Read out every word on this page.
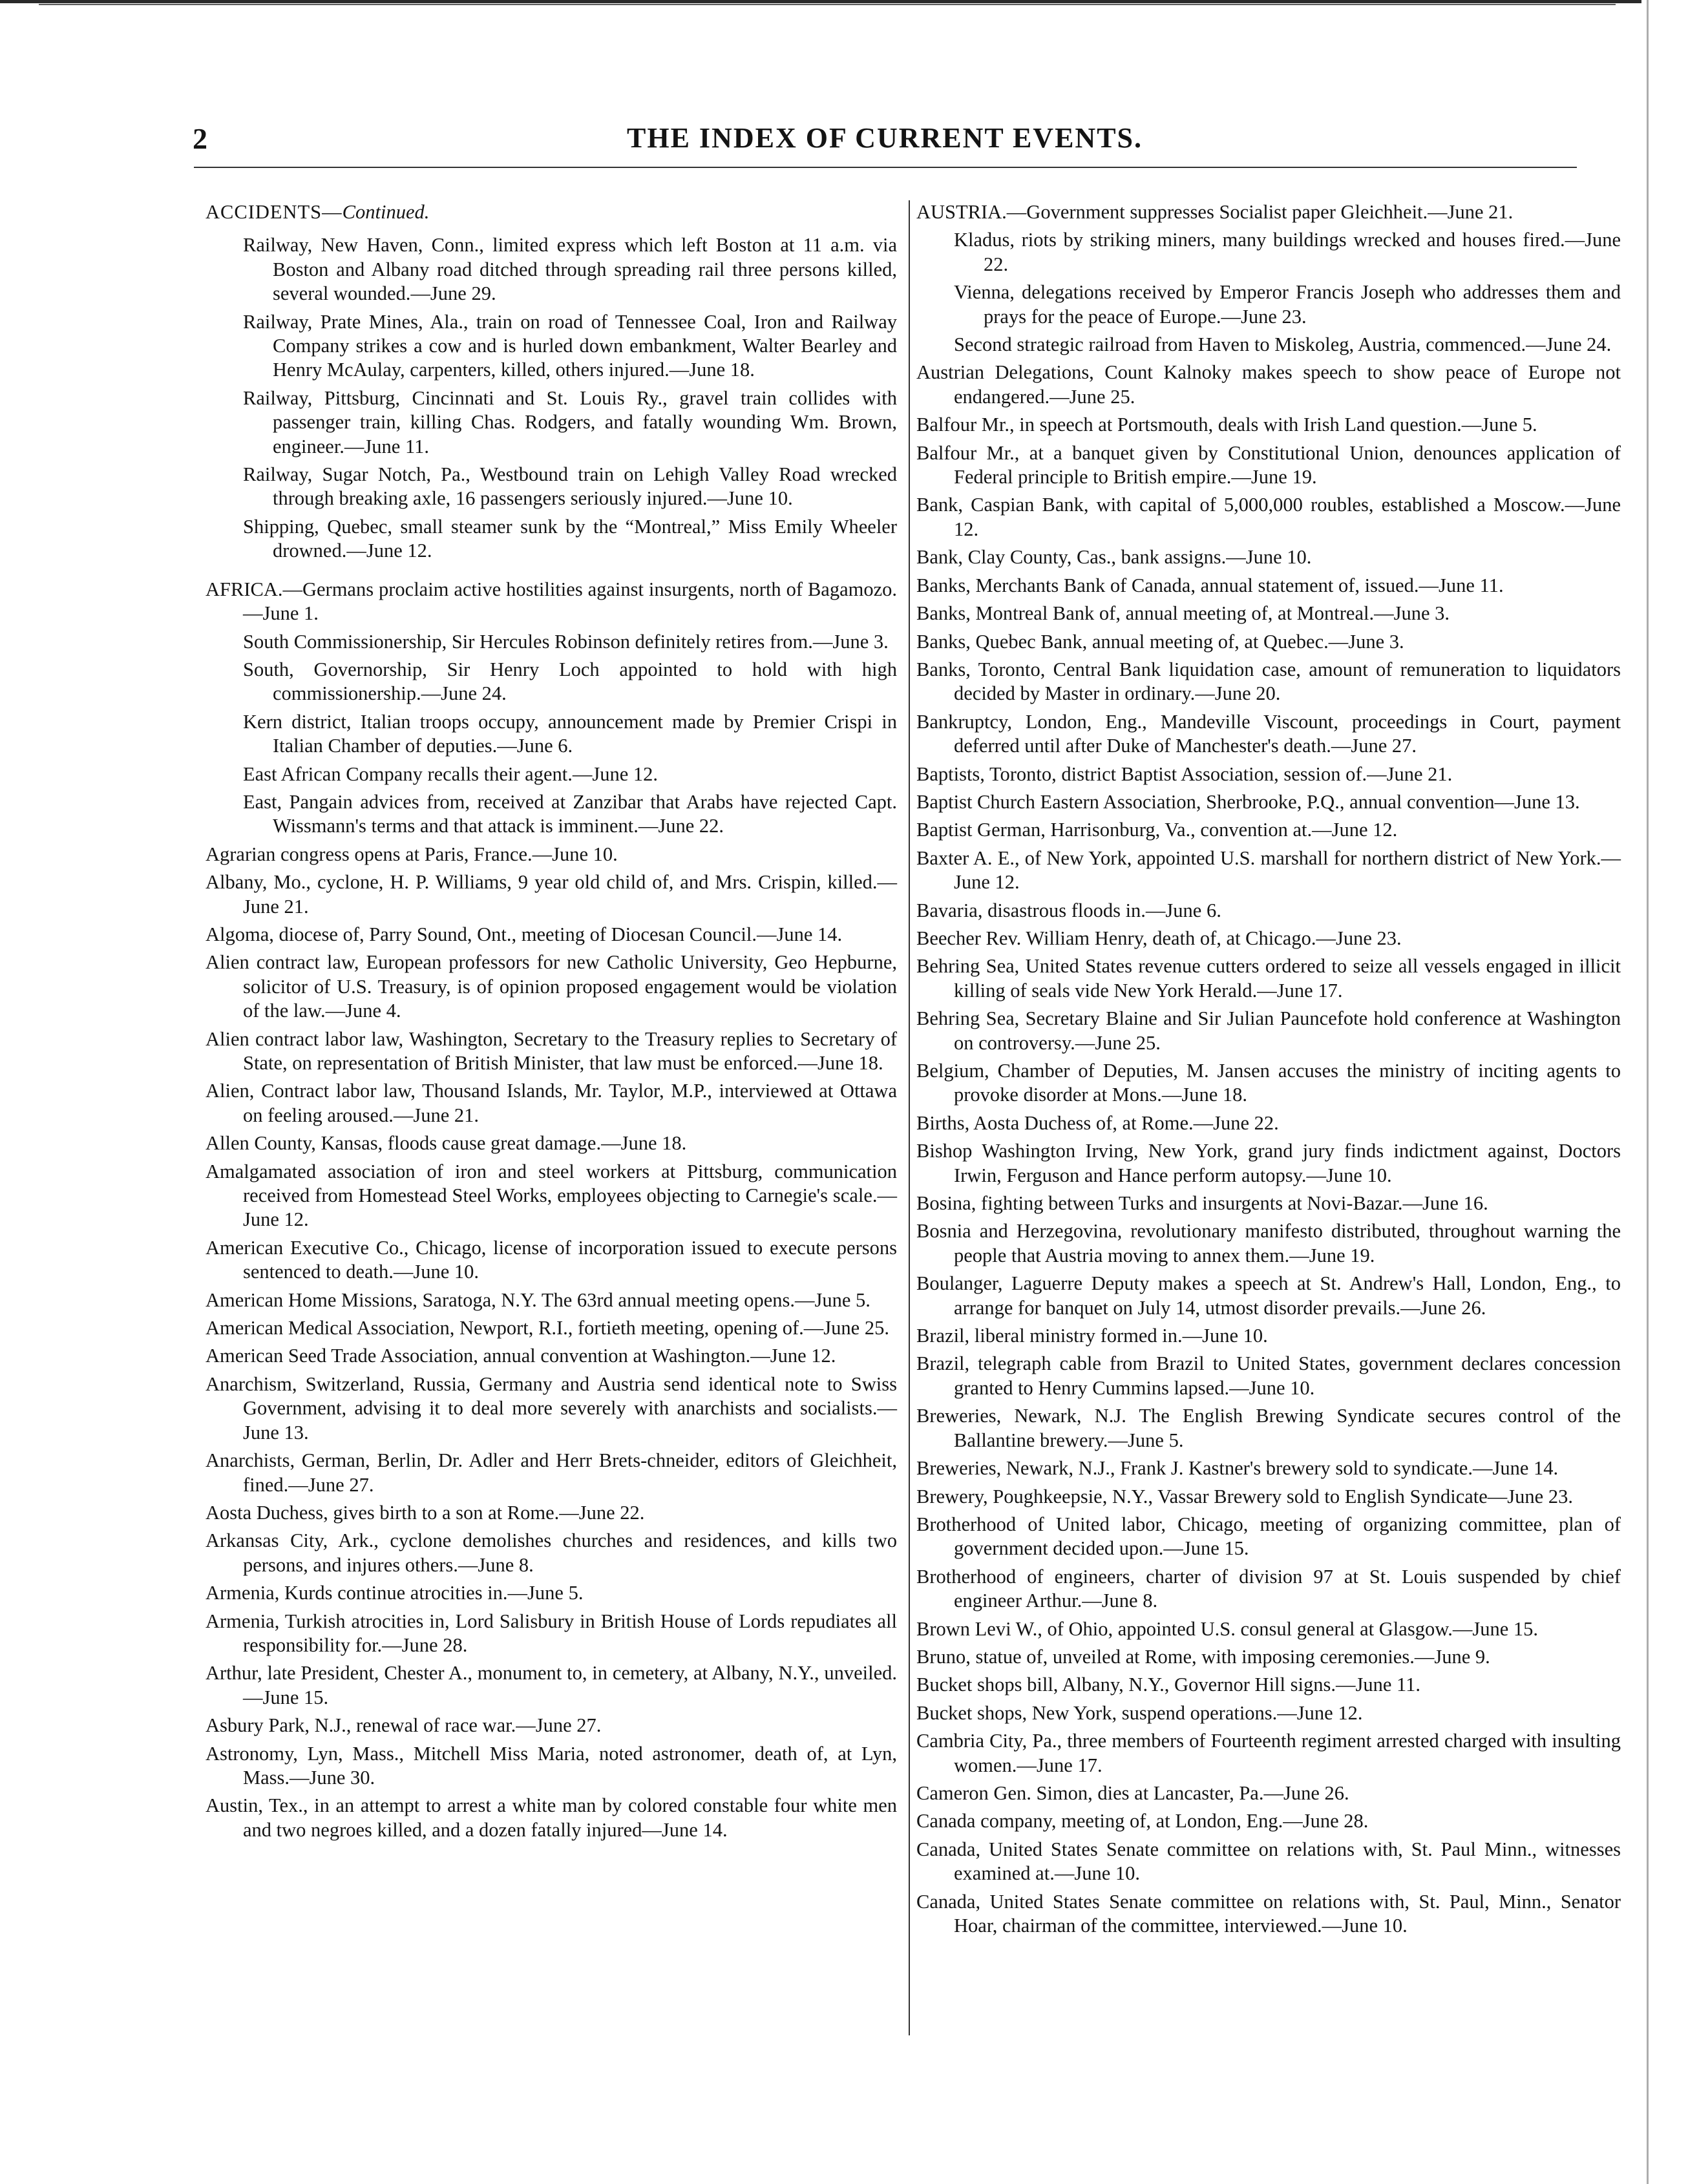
2	THE INDEX OF CURRENT EVENTS.
ACCIDENTS—Continued.

Railway, New Haven, Conn., limited express which left Boston at 11 a.m. via Boston and Albany road ditched through spreading rail three persons killed, several wounded.—June 29.

Railway, Prate Mines, Ala., train on road of Tennessee Coal, Iron and Railway Company strikes a cow and is hurled down embankment, Walter Bearley and Henry McAulay, carpenters, killed, others injured.—June 18.

Railway, Pittsburg, Cincinnati and St. Louis Ry., gravel train collides with passenger train, killing Chas. Rodgers, and fatally wounding Wm. Brown, engineer.—June 11.

Railway, Sugar Notch, Pa., Westbound train on Lehigh Valley Road wrecked through breaking axle, 16 passengers seriously injured.—June 10.

Shipping, Quebec, small steamer sunk by the “Montreal,” Miss Emily Wheeler drowned.—June 12.

AFRICA.—Germans proclaim active hostilities against insurgents, north of Bagamozo.—June 1.

South Commissionership, Sir Hercules Robinson definitely retires from.—June 3.

South, Governorship, Sir Henry Loch appointed to hold with high commissionership.—June 24.

Kern district, Italian troops occupy, announcement made by Premier Crispi in Italian Chamber of deputies.—June 6.

East African Company recalls their agent.—June 12.

East, Pangain advices from, received at Zanzibar that Arabs have rejected Capt. Wissmann's terms and that attack is imminent.—June 22.

Agrarian congress opens at Paris, France.—June 10.

Albany, Mo., cyclone, H. P. Williams, 9 year old child of, and Mrs. Crispin, killed.—June 21.

Algoma, diocese of, Parry Sound, Ont., meeting of Diocesan Council.—June 14.

Alien contract law, European professors for new Catholic University, Geo Hepburne, solicitor of U.S. Treasury, is of opinion proposed engagement would be violation of the law.—June 4.

Alien contract labor law, Washington, Secretary to the Treasury replies to Secretary of State, on representation of British Minister, that law must be enforced.—June 18.

Alien, Contract labor law, Thousand Islands, Mr. Taylor, M.P., interviewed at Ottawa on feeling aroused.—June 21.

Allen County, Kansas, floods cause great damage.—June 18.

Amalgamated association of iron and steel workers at Pittsburg, communication received from Homestead Steel Works, employees objecting to Carnegie's scale.—June 12.

American Executive Co., Chicago, license of incorporation issued to execute persons sentenced to death.—June 10.

American Home Missions, Saratoga, N.Y. The 63rd annual meeting opens.—June 5.

American Medical Association, Newport, R.I., fortieth meeting, opening of.—June 25.

American Seed Trade Association, annual convention at Washington.—June 12.

Anarchism, Switzerland, Russia, Germany and Austria send identical note to Swiss Government, advising it to deal more severely with anarchists and socialists.—June 13.

Anarchists, German, Berlin, Dr. Adler and Herr Brets-chneider, editors of Gleichheit, fined.—June 27.

Aosta Duchess, gives birth to a son at Rome.—June 22.

Arkansas City, Ark., cyclone demolishes churches and residences, and kills two persons, and injures others.—June 8.

Armenia, Kurds continue atrocities in.—June 5.

Armenia, Turkish atrocities in, Lord Salisbury in British House of Lords repudiates all responsibility for.—June 28.

Arthur, late President, Chester A., monument to, in cemetery, at Albany, N.Y., unveiled.—June 15.

Asbury Park, N.J., renewal of race war.—June 27.

Astronomy, Lyn, Mass., Mitchell Miss Maria, noted astronomer, death of, at Lyn, Mass.—June 30.

Austin, Tex., in an attempt to arrest a white man by colored constable four white men and two negroes killed, and a dozen fatally injured—June 14.

AUSTRIA.—Government suppresses Socialist paper Gleichheit.—June 21.

Kladus, riots by striking miners, many buildings wrecked and houses fired.—June 22.

Vienna, delegations received by Emperor Francis Joseph who addresses them and prays for the peace of Europe.—June 23.

Second strategic railroad from Haven to Miskoleg, Austria, commenced.—June 24.

Austrian Delegations, Count Kalnoky makes speech to show peace of Europe not endangered.—June 25.

Balfour Mr., in speech at Portsmouth, deals with Irish Land question.—June 5.

Balfour Mr., at a banquet given by Constitutional Union, denounces application of Federal principle to British empire.—June 19.

Bank, Caspian Bank, with capital of 5,000,000 roubles, established a Moscow.—June 12.

Bank, Clay County, Cas., bank assigns.—June 10.

Banks, Merchants Bank of Canada, annual statement of, issued.—June 11.

Banks, Montreal Bank of, annual meeting of, at Montreal.—June 3.

Banks, Quebec Bank, annual meeting of, at Quebec.—June 3.

Banks, Toronto, Central Bank liquidation case, amount of remuneration to liquidators decided by Master in ordinary.—June 20.

Bankruptcy, London, Eng., Mandeville Viscount, proceedings in Court, payment deferred until after Duke of Manchester's death.—June 27.

Baptists, Toronto, district Baptist Association, session of.—June 21.

Baptist Church Eastern Association, Sherbrooke, P.Q., annual convention—June 13.

Baptist German, Harrisonburg, Va., convention at.—June 12.

Baxter A. E., of New York, appointed U.S. marshall for northern district of New York.—June 12.

Bavaria, disastrous floods in.—June 6.

Beecher Rev. William Henry, death of, at Chicago.—June 23.

Behring Sea, United States revenue cutters ordered to seize all vessels engaged in illicit killing of seals vide New York Herald.—June 17.

Behring Sea, Secretary Blaine and Sir Julian Pauncefote hold conference at Washington on controversy.—June 25.

Belgium, Chamber of Deputies, M. Jansen accuses the ministry of inciting agents to provoke disorder at Mons.—June 18.

Births, Aosta Duchess of, at Rome.—June 22.

Bishop Washington Irving, New York, grand jury finds indictment against, Doctors Irwin, Ferguson and Hance perform autopsy.—June 10.

Bosina, fighting between Turks and insurgents at Novi-Bazar.—June 16.

Bosnia and Herzegovina, revolutionary manifesto distributed, throughout warning the people that Austria moving to annex them.—June 19.

Boulanger, Laguerre Deputy makes a speech at St. Andrew's Hall, London, Eng., to arrange for banquet on July 14, utmost disorder prevails.—June 26.

Brazil, liberal ministry formed in.—June 10.

Brazil, telegraph cable from Brazil to United States, government declares concession granted to Henry Cummins lapsed.—June 10.

Breweries, Newark, N.J. The English Brewing Syndicate secures control of the Ballantine brewery.—June 5.

Breweries, Newark, N.J., Frank J. Kastner's brewery sold to syndicate.—June 14.

Brewery, Poughkeepsie, N.Y., Vassar Brewery sold to English Syndicate—June 23.

Brotherhood of United labor, Chicago, meeting of organizing committee, plan of government decided upon.—June 15.

Brotherhood of engineers, charter of division 97 at St. Louis suspended by chief engineer Arthur.—June 8.

Brown Levi W., of Ohio, appointed U.S. consul general at Glasgow.—June 15.

Bruno, statue of, unveiled at Rome, with imposing ceremonies.—June 9.

Bucket shops bill, Albany, N.Y., Governor Hill signs.—June 11.

Bucket shops, New York, suspend operations.—June 12.

Cambria City, Pa., three members of Fourteenth regiment arrested charged with insulting women.—June 17.

Cameron Gen. Simon, dies at Lancaster, Pa.—June 26.

Canada company, meeting of, at London, Eng.—June 28.

Canada, United States Senate committee on relations with, St. Paul Minn., witnesses examined at.—June 10.

Canada, United States Senate committee on relations with, St. Paul, Minn., Senator Hoar, chairman of the committee, interviewed.—June 10.
